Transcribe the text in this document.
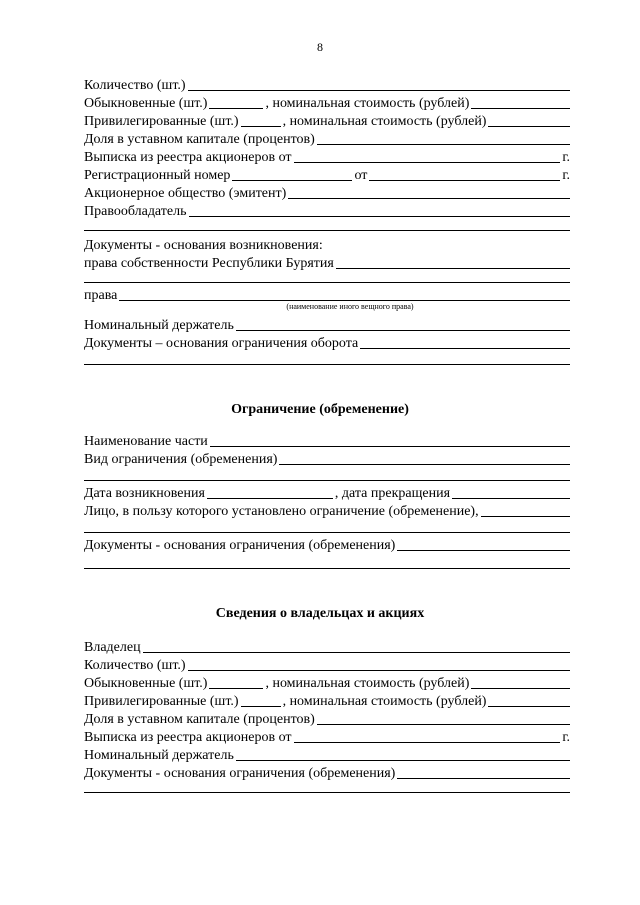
8
Количество (шт.)
Обыкновенные (шт.)	, номинальная стоимость (рублей)
Привилегированные (шт.)	, номинальная стоимость (рублей)
Доля в уставном капитале (процентов)
Выписка из реестра акционеров от	г.
Регистрационный номер	от	г.
Акционерное общество (эмитент)
Правообладатель
Документы - основания возникновения:
права собственности Республики Бурятия
права
(наименование иного вещного права)
Номинальный держатель
Документы – основания ограничения оборота
Ограничение (обременение)
Наименование части
Вид ограничения (обременения)
Дата возникновения	, дата прекращения
Лицо, в пользу которого установлено ограничение (обременение),
Документы - основания ограничения (обременения)
Сведения о владельцах и акциях
Владелец
Количество (шт.)
Обыкновенные (шт.)	, номинальная стоимость (рублей)
Привилегированные (шт.)	, номинальная стоимость (рублей)
Доля в уставном капитале (процентов)
Выписка из реестра акционеров от	г.
Номинальный держатель
Документы - основания ограничения (обременения)
